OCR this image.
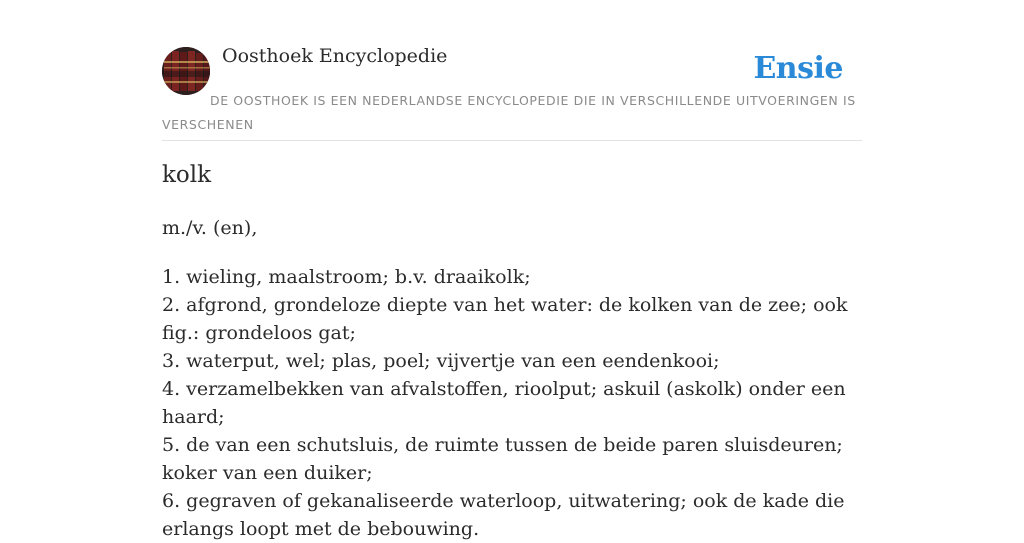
Oosthoek Encyclopedie	Ensie
DE OOSTHOEK IS EEN NEDERLANDSE ENCYCLOPEDIE DIE IN VERSCHILLENDE UITVOERINGEN IS VERSCHENEN
kolk
m./v. (en),
1. wieling, maalstroom; b.v. draaikolk;
2. afgrond, grondeloze diepte van het water: de kolken van de zee; ook fig.: grondeloos gat;
3. waterput, wel; plas, poel; vijvertje van een eendenkooi;
4. verzamelbekken van afvalstoffen, rioolput; askuil (askolk) onder een haard;
5. de van een schutsluis, de ruimte tussen de beide paren sluisdeuren; koker van een duiker;
6. gegraven of gekanaliseerde waterloop, uitwatering; ook de kade die erlangs loopt met de bebouwing.
